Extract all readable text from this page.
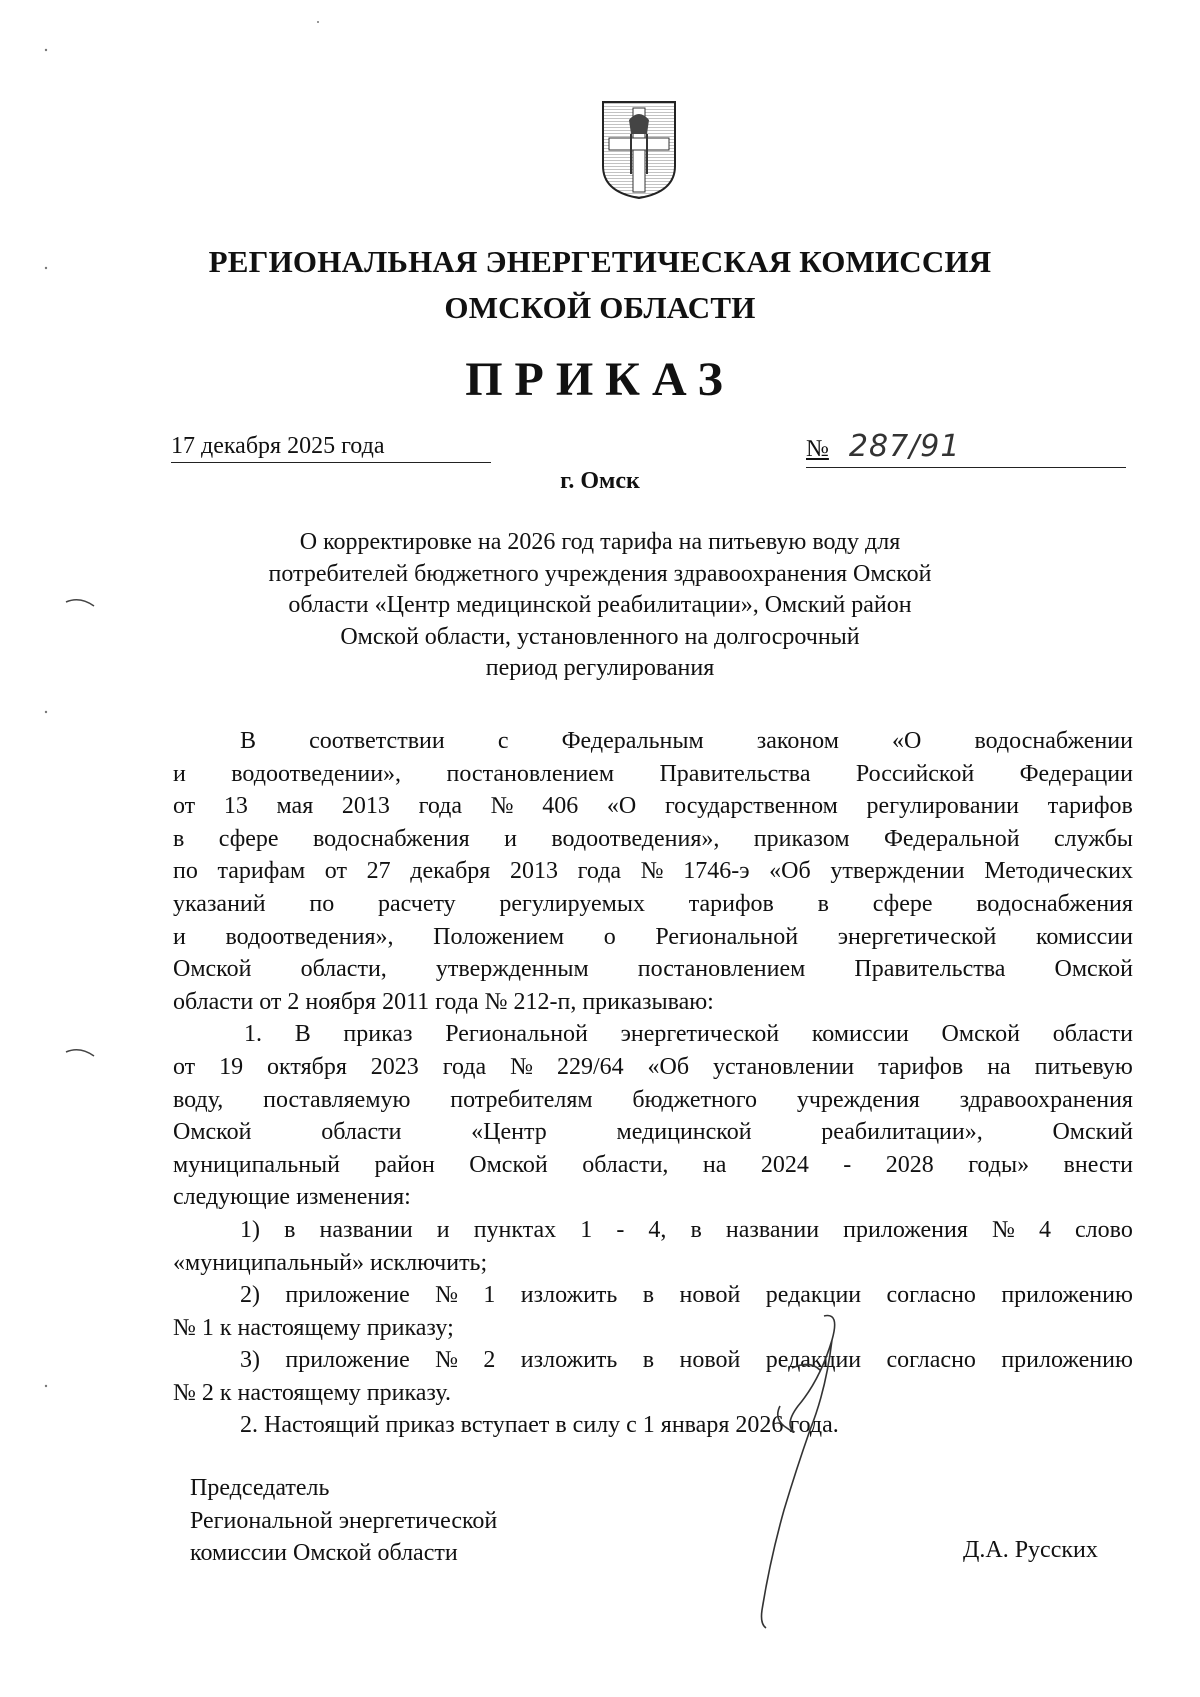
РЕГИОНАЛЬНАЯ ЭНЕРГЕТИЧЕСКАЯ КОМИССИЯ
ОМСКОЙ ОБЛАСТИ
ПРИКАЗ
17 декабря 2025 года	№ 287/91
г. Омск
О корректировке на 2026 год тарифа на питьевую воду для
потребителей бюджетного учреждения здравоохранения Омской
области «Центр медицинской реабилитации», Омский район
Омской области, установленного на долгосрочный
период регулирования
В соответствии с Федеральным законом «О водоснабжении
и водоотведении», постановлением Правительства Российской Федерации
от 13 мая 2013 года № 406 «О государственном регулировании тарифов
в сфере водоснабжения и водоотведения», приказом Федеральной службы
по тарифам от 27 декабря 2013 года № 1746-э «Об утверждении Методических
указаний по расчету регулируемых тарифов в сфере водоснабжения
и водоотведения», Положением о Региональной энергетической комиссии
Омской области, утвержденным постановлением Правительства Омской
области от 2 ноября 2011 года № 212-п, приказываю:
1. В приказ Региональной энергетической комиссии Омской области
от 19 октября 2023 года № 229/64 «Об установлении тарифов на питьевую
воду, поставляемую потребителям бюджетного учреждения здравоохранения
Омской	области	«Центр	медицинской	реабилитации»,	Омский
муниципальный район Омской области, на 2024 - 2028 годы» внести
следующие изменения:
1) в названии и пунктах 1 - 4, в названии приложения № 4 слово
«муниципальный» исключить;
2) приложение № 1 изложить в новой редакции согласно приложению
№ 1 к настоящему приказу;
3) приложение № 2 изложить в новой редакции согласно приложению
№ 2 к настоящему приказу.
2. Настоящий приказ вступает в силу с 1 января 2026 года.
Председатель
Региональной энергетической
комиссии Омской области	Д.А. Русских
